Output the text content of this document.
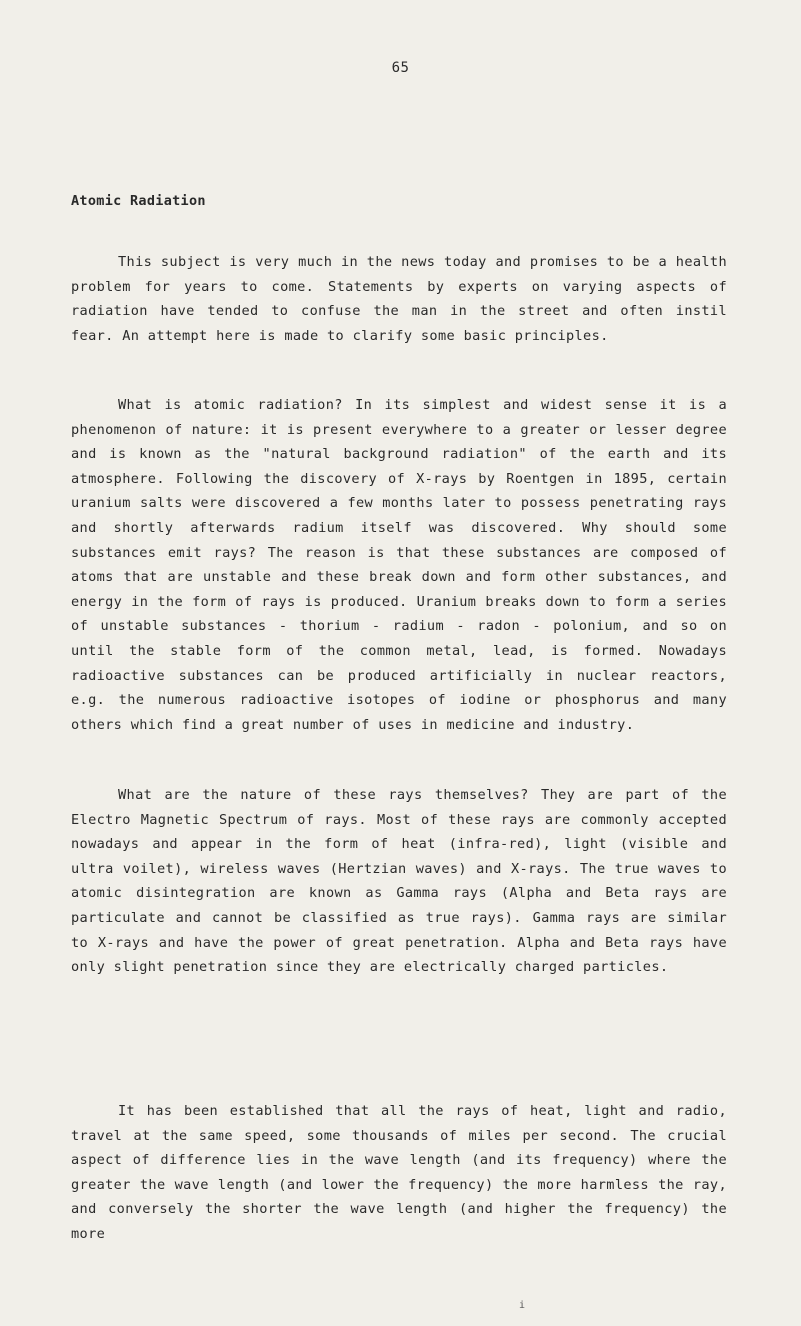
65
Atomic Radiation

This subject is very much in the news today and promises to be a health problem for years to come. Statements by experts on varying aspects of radiation have tended to confuse the man in the street and often instil fear. An attempt here is made to clarify some basic principles.

What is atomic radiation? In its simplest and widest sense it is a phenomenon of nature: it is present everywhere to a greater or lesser degree and is known as the "natural background radiation" of the earth and its atmosphere. Following the discovery of X-rays by Roentgen in 1895, certain uranium salts were discovered a few months later to possess penetrating rays and shortly afterwards radium itself was discovered. Why should some substances emit rays? The reason is that these substances are composed of atoms that are unstable and these break down and form other substances, and energy in the form of rays is produced. Uranium breaks down to form a series of unstable substances - thorium - radium - radon - polonium, and so on until the stable form of the common metal, lead, is formed. Nowadays radioactive substances can be produced artificially in nuclear reactors, e.g. the numerous radioactive isotopes of iodine or phosphorus and many others which find a great number of uses in medicine and industry.

What are the nature of these rays themselves? They are part of the Electro Magnetic Spectrum of rays. Most of these rays are commonly accepted nowadays and appear in the form of heat (infra-red), light (visible and ultra voilet), wireless waves (Hertzian waves) and X-rays. The true waves to atomic disintegration are known as Gamma rays (Alpha and Beta rays are particulate and cannot be classified as true rays). Gamma rays are similar to X-rays and have the power of great penetration. Alpha and Beta rays have only slight penetration since they are electrically charged particles.

It has been established that all the rays of heat, light and radio, travel at the same speed, some thousands of miles per second. The crucial aspect of difference lies in the wave length (and its frequency) where the greater the wave length (and lower the frequency) the more harmless the ray, and conversely the shorter the wave length (and higher the frequency) the more

i
